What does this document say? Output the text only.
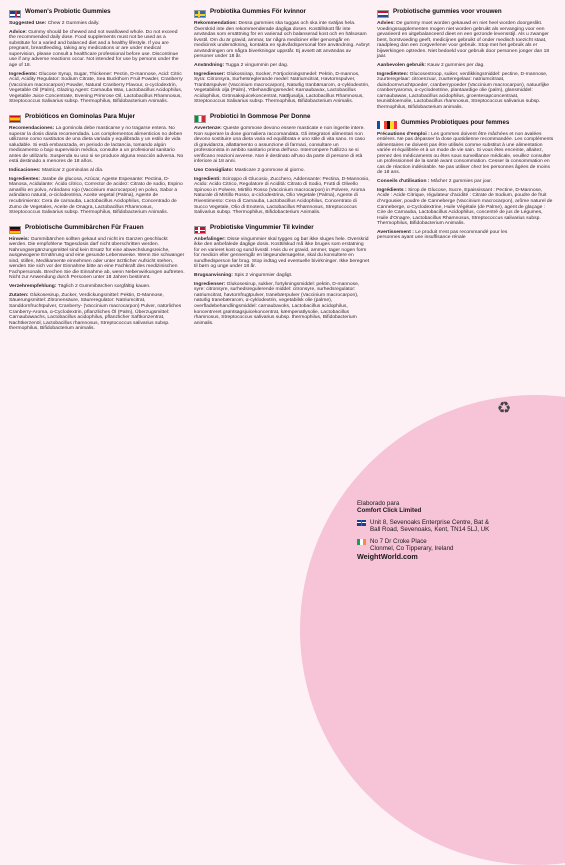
Women's Probiotic Gummies

Suggested Use: Chew 2 Gummies daily.

Advice: Gummy should be chewed and not swallowed whole. Do not exceed the recommended daily dose. Food supplements must not be used as a substitute for a varied and balanced diet and a healthy lifestyle. If you are pregnant, breastfeeding, taking any medications or are under medical supervision, please consult a healthcare professional before use. Discontinue use if any adverse reactions occur. Not intended for use by persons under the age of 18.

Ingredients: Glucose Syrup, Sugar, Thickener: Pectin, D-mannose, Acid: Citric Acid, Acidity Regulator: Sodium Citrate, Sea Buckthorn Fruit Powder, Cranberry (Vaccinium macrocarpon) Powder, Natural Cranberry Flavour, α-cyclodextrin, Vegetable Oil (Palm), Glazing Agent: Carnauba Wax, Lactobacillus Acidophilus, Vegetable Juice Concentrate, Evening Primrose Oil, Lactobacillus Rhamnosus, Streptococcus Salivarius subsp. Thermophilus, Bifidobacterium Animalis.

Probióticos en Gominolas Para Mujer

Recomendaciones: La gominola debe masticarse y no tragarse entera. No superar la dosis diaria recomendada. Los complementos alimenticios no deben utilizarse como sustitutos de una dieta variada y equilibrada y un estilo de vida saludable. Si está embarazada, en periodo de lactancia, tomando algún medicamento o bajo supervisión médica, consulte a un profesional sanitario antes de utilizarlo. Suspenda su uso si se produce alguna reacción adversa. No está destinado a menores de 18 años.

Indicaciones: Masticar 2 gominolas al día.

Ingredientes: Jarabe de glucosa, Azúcar, Agente Espesante: Pectina, D-Manosa, Acidulante: Ácido cítrico, Corrector de acidez: Citrato de sodio, Espino amarillo en polvo, Arándano rojo (Vaccinium macrocarpon) en polvo, Sabor a arándano natural, α-ciclodextrina, Aceite vegetal (Palma), Agente de recubrimiento: Cera de carnauba, Lactobacillus Acidophilus, Concentrado de Zumo de Vegetales, Aceite de Onagra, Lactobacillus Rhamnosus, Streptococcus Salivarius subsp. Thermophilus, Bifidobacterium Animalis.

Probiotische Gummibärchen Für Frauen

Hinweis: Gummibärchen sollten gekaut und nicht im Ganzen geschluckt werden. Die empfohlene Tagesdosis darf nicht überschritten werden. Nahrungsergänzungsmittel sind kein Ersatz für eine abwechslungsreiche, ausgewogene Ernährung und eine gesunde Lebensweise. Wenn Sie schwanger sind, stillen, Medikamente einnehmen oder unter ärztlicher Aufsicht stehen, wenden Sie sich vor der Einnahme bitte an eine Fachkraft des medizinischen Fachpersonals. Brechen Sie die Einnahme ab, wenn Nebenwirkungen auftreten. Nicht zur Anwendung durch Personen unter 18 Jahren bestimmt.

Verzehrempfehlung: Täglich 2 Gummibärchen sorgfältig kauen.

Zutaten: Glukosesirup, Zucker, Verdickungsmittel: Pektin, D-Mannose, Säuerungsmittel: Zitronensäure, Säureregulator: Natriumcitrat, Sanddornfruchtpulver, Cranberry- (Vaccinium macrocarpon) Pulver, natürliches Cranberry-Aroma, α-Cyclodextrin, pflanzliches Öl (Palm), Überzugsmittel: Carnaubawachs, Lactobacillus acidophilus, pflanzlicher Saftkonzentrat, Nachtkerzenöl, Lactobacillus rhamnosus, Streptococcus salivarius subsp. thermophilus, Bifidobacterium animalis.

Probiotika Gummies För kvinnor

Rekommendation: Dessa gummies ska tuggas och ska inte sväljas hela. Överskrid inte den rekommenderade dagliga dosen. Kosttillskott får inte användas som ersättning för en varierad och balanserad kost och en hälsosam livsstil. Om du är gravid, ammar, tar några mediciner eller genomgår en medicinsk undersökning, kontakta en sjukvårdspersonal före användning. Avbryt användningen om några biverkningar uppstår. Ej avsett att användas av personer under 18 år.

Användning: Tugga 2 vingummin per dag.

Ingredienser: Glukossirap, Socker, Förtjockningsmedel: Pektin, D-mannos, Syra: Citronsyra, Surhetsreglerande medel: Natriumcitrat, Havtornspulver, Tranbärspulver (Vaccinium macrocarpon), Naturlig tranbärsarom, α-cyklodextrin, Vegetabilisk olja (Palm), Ytbehandlingsmedel: Karnaubavax, Lactobacillus Acidophilus, Grönsaksjuicekoncentrat, Nattljusolja, Lactobacillus Rhamnosus, Streptococcus Salivarius subsp. Thermophilus, Bifidobacterium Animalis.

Probiotici In Gommose Per Donne

Avvertenze: Queste gommose devono essere masticate e non ingerite intere. Non superare la dose giornaliera raccomandata. Gli integratori alimentari non devono sostituire una dieta varia ed equilibrata e uno stile di vita sano. In caso di gravidanza, allattamento o assunzione di farmaci, consultare un professionista in ambito sanitario prima dell'uso. Interrompere l'utilizzo se si verificano reazioni avverse. Non è destinato all'uso da parte di persone di età inferiore ai 18 anni.

Uso Consigliato: Masticare 2 gommose al giorno.

Ingredienti: Sciroppo di Glucosio, Zucchero, Addensante: Pectina, D-Mannosio, Acido: Acido Citrico, Regolatore di Acidità: Citrato di Sodio, Frutti di Olivello Spinoso in Polvere, Mirtillo Rosso (Vaccinium macrocarpon) in Polvere, Aroma Naturale di Mirtillo Rosso, α-ciclodestrina, Olio Vegetale (Palma), Agente di Rivestimento: Cera di Carnauba, Lactobacillus Acidophilus, Concentrato di Succo Vegetale, Olio di Enotera, Lactobacillus Rhamnosus, Streptococcus Salivarius subsp. Thermophilus, Bifidobacterium Animalis.

Probiotiske Vingummier Til kvinder

Anbefalinger: Disse vingummier skal tygges og bør ikke sluges hele. Overskrid ikke den anbefalede daglige dosis. Kosttilskud må ikke bruges som erstatning for en varieret kost og sund livsstil. Hvis du er gravid, ammer, tager nogen form for medicin eller gennemgår en lægeundersøgelse, skal du konsultere en sundhedsperson før brug. Stop indtag ved eventuelle bivirkninger. Ikke beregnet til børn og unge under 18 år.

Brugsanvisning: Spis 2 vingummier dagligt.

Ingredienser: Glukosesirup, sukker, fortykningsmiddel: pektin, D-mannose, syre: citronsyre, surhedsregulerende middel: citronsyre, surhedsregulator: natriumcitrat, havtornfrugtpulver, tranebærpulver (Vaccinium macrocarpon), naturlig tranebærarom, α-cyklodextrin, vegetabilsk olie (palme), overfladebehandlingsmiddel: carnaubavoks, Lactobacillus acidophilus, koncentreret grøntsagsjuicekoncentrat, kæmpenatlysolie, Lactobacillus rhamnosus, Streptococcus salivarius subsp. thermophilus, Bifidobacterium animalis.

Probiotische gummies voor vrouwen

Advies: De gummy moet worden gekauwd en niet heel worden doorgeslikt. Voedingssupplementen mogen niet worden gebruikt als vervanging voor een gevarieerd en uitgebalanceerd dieet en een gezonde levensstijl. Als u zwanger bent, borstvoeding geeft, medicijnen gebruikt of onder medisch toezicht staat, raadpleeg dan een zorgverlener voor gebruik. Stop met het gebruik als er bijwerkingen optreden. Niet bedoeld voor gebruik door personen jonger dan 18 jaar.

Aanbevolen gebruik: Kauw 2 gummies per dag.

Ingrediënten: Glucosestroop, suiker, verdikkingsmiddel: pectine, D-mannose, zuurteregelaar: citroenzuur, zuurteregelaar: natriumcitraat, duindoornvruchtpoeder, cranberrypoeder (Vaccinium macrocarpon), natuurlijke cranberryaroma, α-cyclodextrine, plantaardige olie (palm), glansmiddel: carnaubawas, Lactobacillus acidophilus, groentesapconcentraat, teunisbloemolie, Lactobacillus rhamnosus, Streptococcus salivarius subsp. thermophilus, Bifidobacterium animalis.

Gummies Probiotiques pour femmes

Précautions d'emploi : Les gommes doivent être mâchées et non avalées entières. Ne pas dépasser la dose quotidienne recommandée. Les compléments alimentaires ne doivent pas être utilisés comme substitut à une alimentation variée et équilibrée et à un mode de vie sain. Si vous êtes enceinte, allaitez, prenez des médicaments ou êtes sous surveillance médicale, veuillez consulter un professionnel de la santé avant consommation. Cesser la consommation en cas de réaction indésirable. Ne pas utiliser chez les personnes âgées de moins de 18 ans.

Conseils d'utilisation : Mâcher 2 gummies par jour.

Ingrédients : Sirop de Glucose, Sucre, Epaississant : Pectine, D-Mannose, Acide : Acide Citrique, régulateur d'acidité : Citrate de Sodium, poudre de fruit d'Argousier, poudre de Canneberge (Vaccinium macrocarpon), arôme naturel de Canneberge, α-Cyclodextrine, Huile Végétale (de Palme), agent de glaçage : Cire de Carnauba, Lactobacillus Acidophilus, concentré de jus de Légumes, Huile d'Onagre, Lactobacillus Rhamnosus, Streptococcus salivarius subsp. Thermophilus, Bifidobacterium Animalis.

Avertissement : Le produit n'est pas recommandé pour les personnes ayant une insuffisance rénale

♻
Elaborado para
Comfort Click Limited
Unit 8, Sevenoaks Enterprise Centre, Bat & Ball Road, Sevenoaks, Kent, TN14 5LJ, UK
No 7 Dr Croke Place
Clonmel, Co Tipperary, Ireland
WeightWorld.com
